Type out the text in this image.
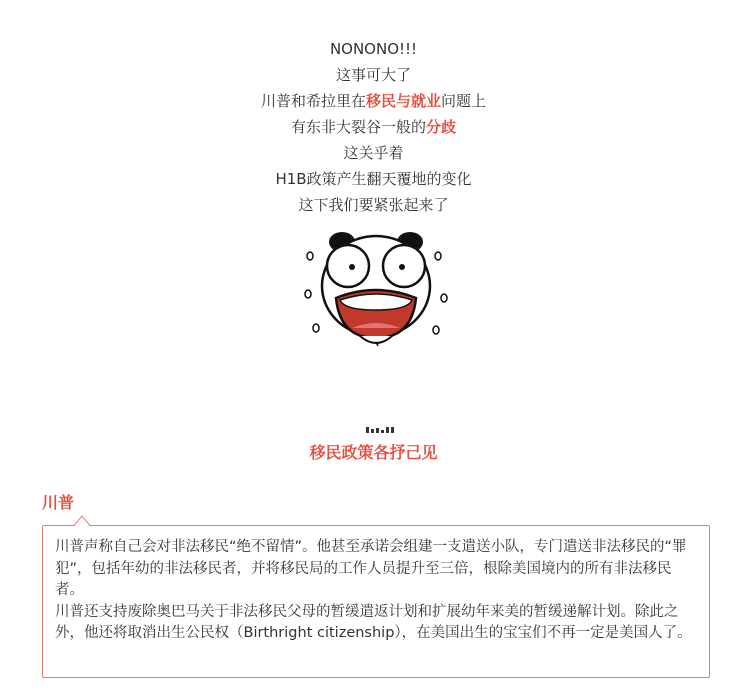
NONONO!!!
这事可大了
川普和希拉里在移民与就业问题上
有东非大裂谷一般的分歧
这关乎着
H1B政策产生翻天覆地的变化
这下我们要紧张起来了
移民政策各抒己见
川普

川普声称自己会对非法移民“绝不留情”。他甚至承诺会组建一支遣送小队，专门遣送非法移民的“罪犯”，包括年幼的非法移民者，并将移民局的工作人员提升至三倍，根除美国境内的所有非法移民者。

川普还支持废除奥巴马关于非法移民父母的暂缓遣返计划和扩展幼年来美的暂缓递解计划。除此之外，他还将取消出生公民权（Birthright citizenship），在美国出生的宝宝们不再一定是美国人了。
